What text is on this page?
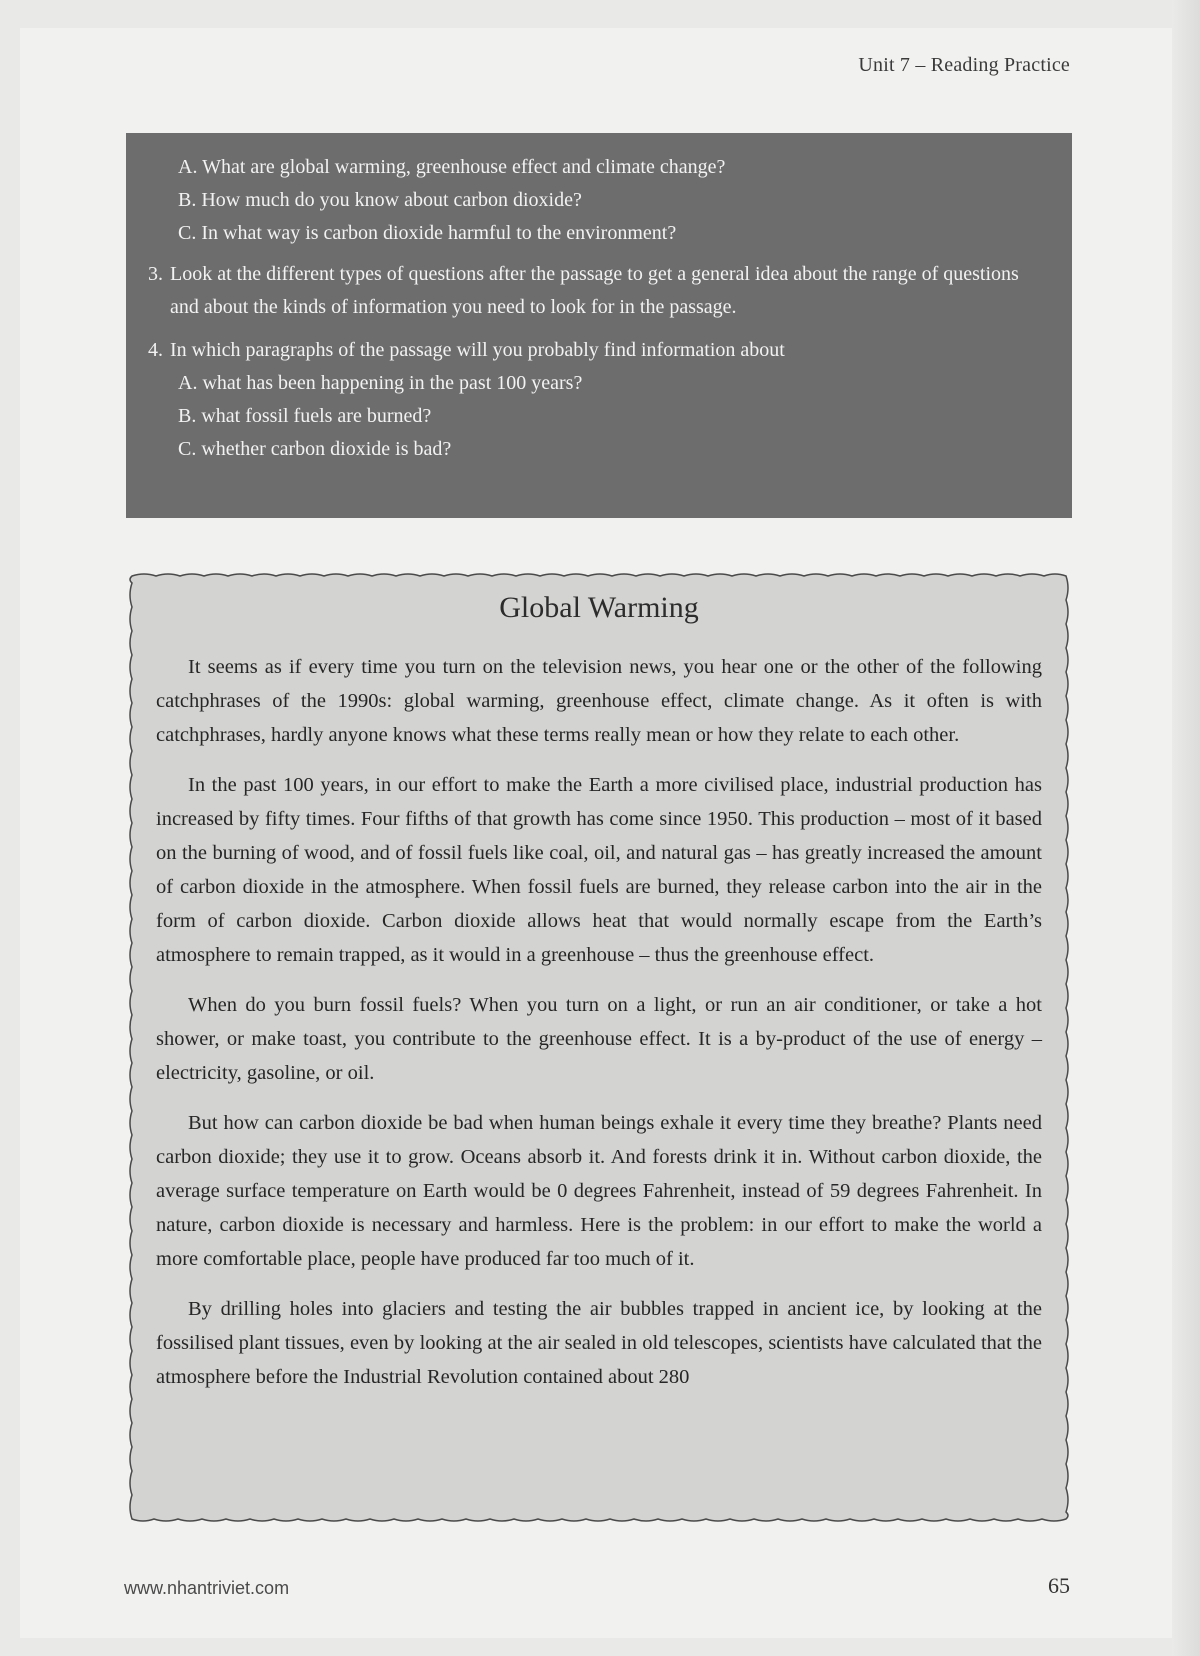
Unit 7 – Reading Practice

A. What are global warming, greenhouse effect and climate change?

B. How much do you know about carbon dioxide?

C. In what way is carbon dioxide harmful to the environment?

3. Look at the different types of questions after the passage to get a general idea about the range of questions and about the kinds of information you need to look for in the passage.

4. In which paragraphs of the passage will you probably find information about

A. what has been happening in the past 100 years?

B. what fossil fuels are burned?

C. whether carbon dioxide is bad?

Global Warming

It seems as if every time you turn on the television news, you hear one or the other of the following catchphrases of the 1990s: global warming, greenhouse effect, climate change. As it often is with catchphrases, hardly anyone knows what these terms really mean or how they relate to each other.

In the past 100 years, in our effort to make the Earth a more civilised place, industrial production has increased by fifty times. Four fifths of that growth has come since 1950. This production – most of it based on the burning of wood, and of fossil fuels like coal, oil, and natural gas – has greatly increased the amount of carbon dioxide in the atmosphere. When fossil fuels are burned, they release carbon into the air in the form of carbon dioxide. Carbon dioxide allows heat that would normally escape from the Earth’s atmosphere to remain trapped, as it would in a greenhouse – thus the greenhouse effect.

When do you burn fossil fuels? When you turn on a light, or run an air conditioner, or take a hot shower, or make toast, you contribute to the greenhouse effect. It is a by-product of the use of energy – electricity, gasoline, or oil.

But how can carbon dioxide be bad when human beings exhale it every time they breathe? Plants need carbon dioxide; they use it to grow. Oceans absorb it. And forests drink it in. Without carbon dioxide, the average surface temperature on Earth would be 0 degrees Fahrenheit, instead of 59 degrees Fahrenheit. In nature, carbon dioxide is necessary and harmless. Here is the problem: in our effort to make the world a more comfortable place, people have produced far too much of it.

By drilling holes into glaciers and testing the air bubbles trapped in ancient ice, by looking at the fossilised plant tissues, even by looking at the air sealed in old telescopes, scientists have calculated that the atmosphere before the Industrial Revolution contained about 280

www.nhantriviet.com	65
